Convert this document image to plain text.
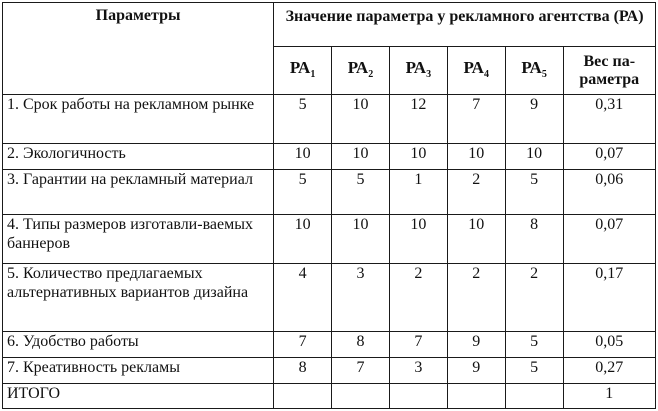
Параметры	Значение параметра у рекламного агентства (РА)					
	$РА_1$	$РА_2$	$РА_3$	$РА_4$	$РА_5$	Вес па-
раметра
1. Срок работы на рекламном рынке	5	10	12	7	9	0,31
2. Экологичность	10	10	10	10	10	0,07
3. Гарантии на рекламный материал	5	5	1	2	5	0,06
4. Типы размеров изготавли-ваемых баннеров	10	10	10	10	8	0,07
5. Количество предлагаемых альтернативных вариантов дизайна	4	3	2	2	2	0,17
6. Удобство работы	7	8	7	9	5	0,05
7. Креативность рекламы	8	7	3	9	5	0,27
ИТОГО						1
